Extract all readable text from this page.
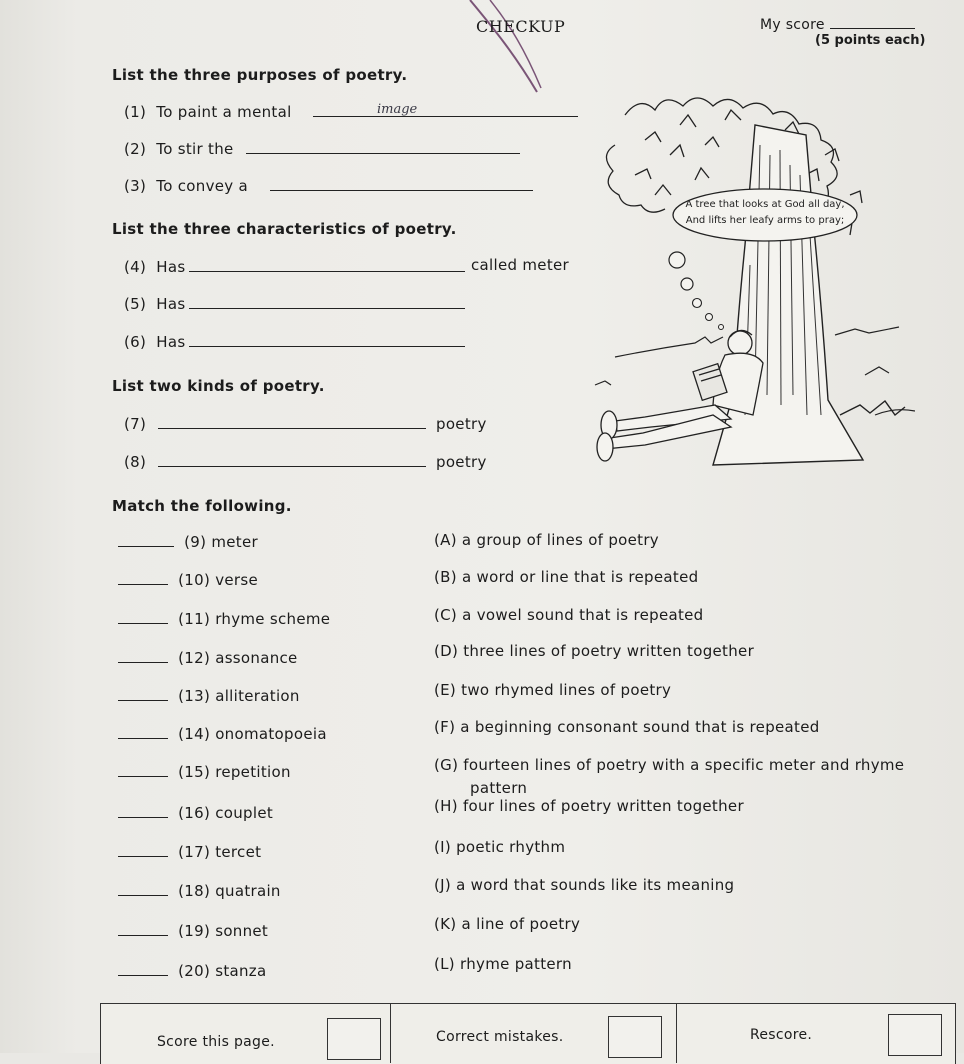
CHECKUP	My score
(5 points each)
List the three purposes of poetry.
(1) To paint a mental	image
(2) To stir the
(3) To convey a
List the three characteristics of poetry.
(4) Has	called meter
(5) Has
(6) Has
List two kinds of poetry.
(7)	poetry
(8)	poetry
A tree that looks at God all day,
And lifts her leafy arms to pray;
Match the following.
(9) meter
(10) verse
(11) rhyme scheme
(12) assonance
(13) alliteration
(14) onomatopoeia
(15) repetition
(16) couplet
(17) tercet
(18) quatrain
(19) sonnet
(20) stanza
(A) a group of lines of poetry
(B) a word or line that is repeated
(C) a vowel sound that is repeated
(D) three lines of poetry written together
(E) two rhymed lines of poetry
(F) a beginning consonant sound that is repeated
(G) fourteen lines of poetry with a specific meter and rhyme
pattern
(H) four lines of poetry written together
(I) poetic rhythm
(J) a word that sounds like its meaning
(K) a line of poetry
(L) rhyme pattern
Score this page.	Correct mistakes.	Rescore.
